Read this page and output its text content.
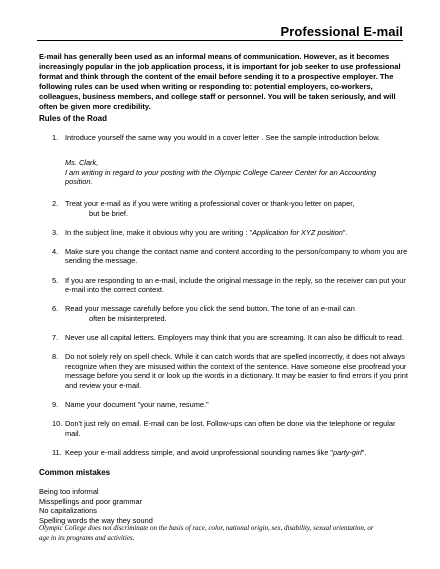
Professional E-mail
E-mail has generally been used as an informal means of communication. However, as it becomes increasingly popular in the job application process, it is important for job seeker to use professional format and think through the content of the email before sending it to a prospective employer. The following rules can be used when writing or responding to: potential employers, co-workers, colleagues, business members, and college staff or personnel. You will be taken seriously, and will often be given more credibility.
Rules of the Road
1. Introduce yourself the same way you would in a cover letter . See the sample introduction below.
2. Treat your e-mail as if you were writing a professional cover or thank-you letter on paper,
but be brief.
3. In the subject line, make it obvious why you are writing : "Application for XYZ position".
4. Make sure you change the contact name and content according to the person/company to whom you are sending the message.
5. If you are responding to an e-mail, include the original message in the reply, so the receiver can put your e-mail into the correct context.
6. Read your message carefully before you click the send button. The tone of an e-mail can
often be misinterpreted.
7. Never use all capital letters. Employers may think that you are screaming. It can also be difficult to read.
8. Do not solely rely on spell check. While it can catch words that are spelled incorrectly, it does not always recognize when they are misused within the context of the sentence. Have someone else proofread your message before you send it or look up the words in a dictionary. It may be easier to find errors if you print and review your e-mail.
9. Name your document "your name, resume."
10. Don't just rely on email. E-mail can be lost. Follow-ups can often be done via the telephone or regular mail.
11. Keep your e-mail address simple, and avoid unprofessional sounding names like "party-girl".
Ms. Clark,
I am writing in regard to your posting with the Olympic College Career Center for an Accounting position.
Common mistakes
Being too informal
Misspellings and poor grammar
No capitalizations
Spelling words the way they sound
Olympic College does not discriminate on the basis of race, color, national origin, sex, disability, sexual orientation, or age in its programs and activities.
